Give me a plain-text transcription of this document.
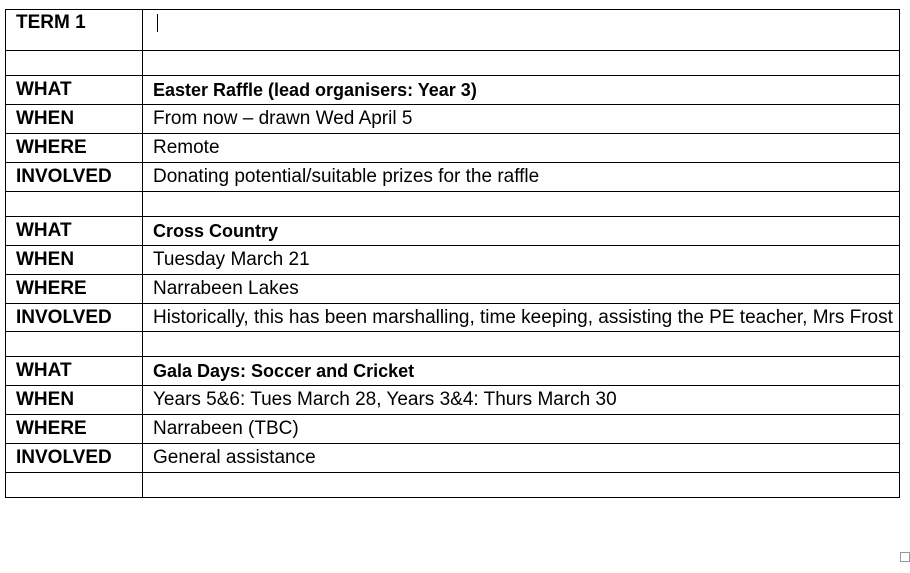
TERM 1	

WHAT	Easter Raffle (lead organisers: Year 3)
WHEN	From now – drawn Wed April 5
WHERE	Remote
INVOLVED	Donating potential/suitable prizes for the raffle

WHAT	Cross Country
WHEN	Tuesday March 21
WHERE	Narrabeen Lakes
INVOLVED	Historically, this has been marshalling, time keeping, assisting the PE teacher, Mrs Frost

WHAT	Gala Days: Soccer and Cricket
WHEN	Years 5&6: Tues March 28, Years 3&4: Thurs March 30
WHERE	Narrabeen (TBC)
INVOLVED	General assistance
